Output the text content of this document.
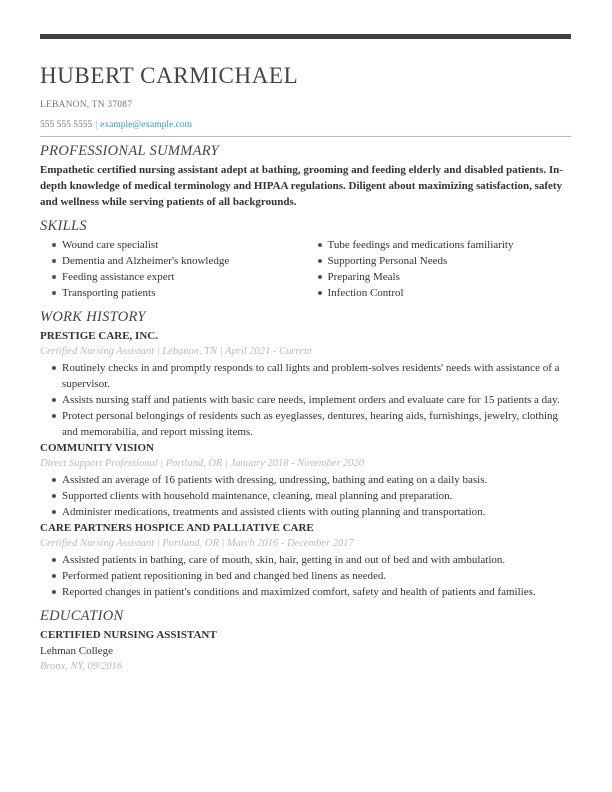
HUBERT CARMICHAEL
LEBANON, TN 37087
555 555 5555 | example@example.com
PROFESSIONAL SUMMARY
Empathetic certified nursing assistant adept at bathing, grooming and feeding elderly and disabled patients. In-depth knowledge of medical terminology and HIPAA regulations. Diligent about maximizing satisfaction, safety and wellness while serving patients of all backgrounds.
SKILLS
Wound care specialist
Dementia and Alzheimer's knowledge
Feeding assistance expert
Transporting patients
Tube feedings and medications familiarity
Supporting Personal Needs
Preparing Meals
Infection Control
WORK HISTORY
PRESTIGE CARE, INC.
Certified Nursing Assistant | Lebanon, TN | April 2021 - Current
Routinely checks in and promptly responds to call lights and problem-solves residents' needs with assistance of a supervisor.
Assists nursing staff and patients with basic care needs, implement orders and evaluate care for 15 patients a day.
Protect personal belongings of residents such as eyeglasses, dentures, hearing aids, furnishings, jewelry, clothing and memorabilia, and report missing items.
COMMUNITY VISION
Direct Support Professional | Portland, OR | January 2018 - November 2020
Assisted an average of 16 patients with dressing, undressing, bathing and eating on a daily basis.
Supported clients with household maintenance, cleaning, meal planning and preparation.
Administer medications, treatments and assisted clients with outing planning and transportation.
CARE PARTNERS HOSPICE AND PALLIATIVE CARE
Certified Nursing Assistant | Portland, OR | March 2016 - December 2017
Assisted patients in bathing, care of mouth, skin, hair, getting in and out of bed and with ambulation.
Performed patient repositioning in bed and changed bed linens as needed.
Reported changes in patient's conditions and maximized comfort, safety and health of patients and families.
EDUCATION
CERTIFIED NURSING ASSISTANT
Lehman College
Bronx, NY, 09/2016
